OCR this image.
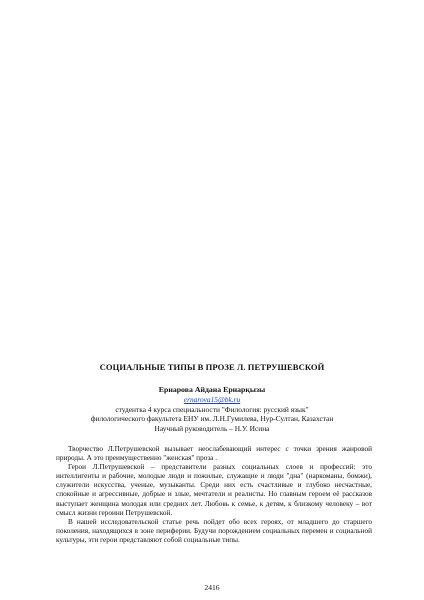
СОЦИАЛЬНЫЕ ТИПЫ В ПРОЗЕ Л. ПЕТРУШЕВСКОЙ
Ернарова Айдана Ернарқызы
ernarova15@bk.ru
студентка 4 курса специальности "Филология: русский язык"
филологического факультета ЕНУ им. Л.Н.Гумилева, Нур-Султан, Казахстан
Научный руководитель – Н.У. Исина

Творчество Л.Петрушевской вызывает неослабевающий интерес с точки зрения жанровой природы. А это преимущественно "женская" проза .

Герои Л.Петрушевской – представители разных социальных слоев и профессий: это интеллигенты и рабочие, молодые люди и пожилые, служащие и люди "дна" (наркоманы, бомжи), служители искусства, ученые, музыканты. Среди них есть счастливые и глубоко несчастные, спокойные и агрессивные, добрые и злые, мечтатели и реалисты. Но главным героем её рассказов выступает женщина молодая или средних лет. Любовь к семье, к детям, к близкому человеку – вот смысл жизни героини Петрушевской.

В нашей исследовательской статье речь пойдет обо всех героях, от младшего до старшего поколения, находящихся в зоне периферии. Будучи порождением социальных перемен и социальной культуры, эти герои представляют собой социальные типы.

2416
